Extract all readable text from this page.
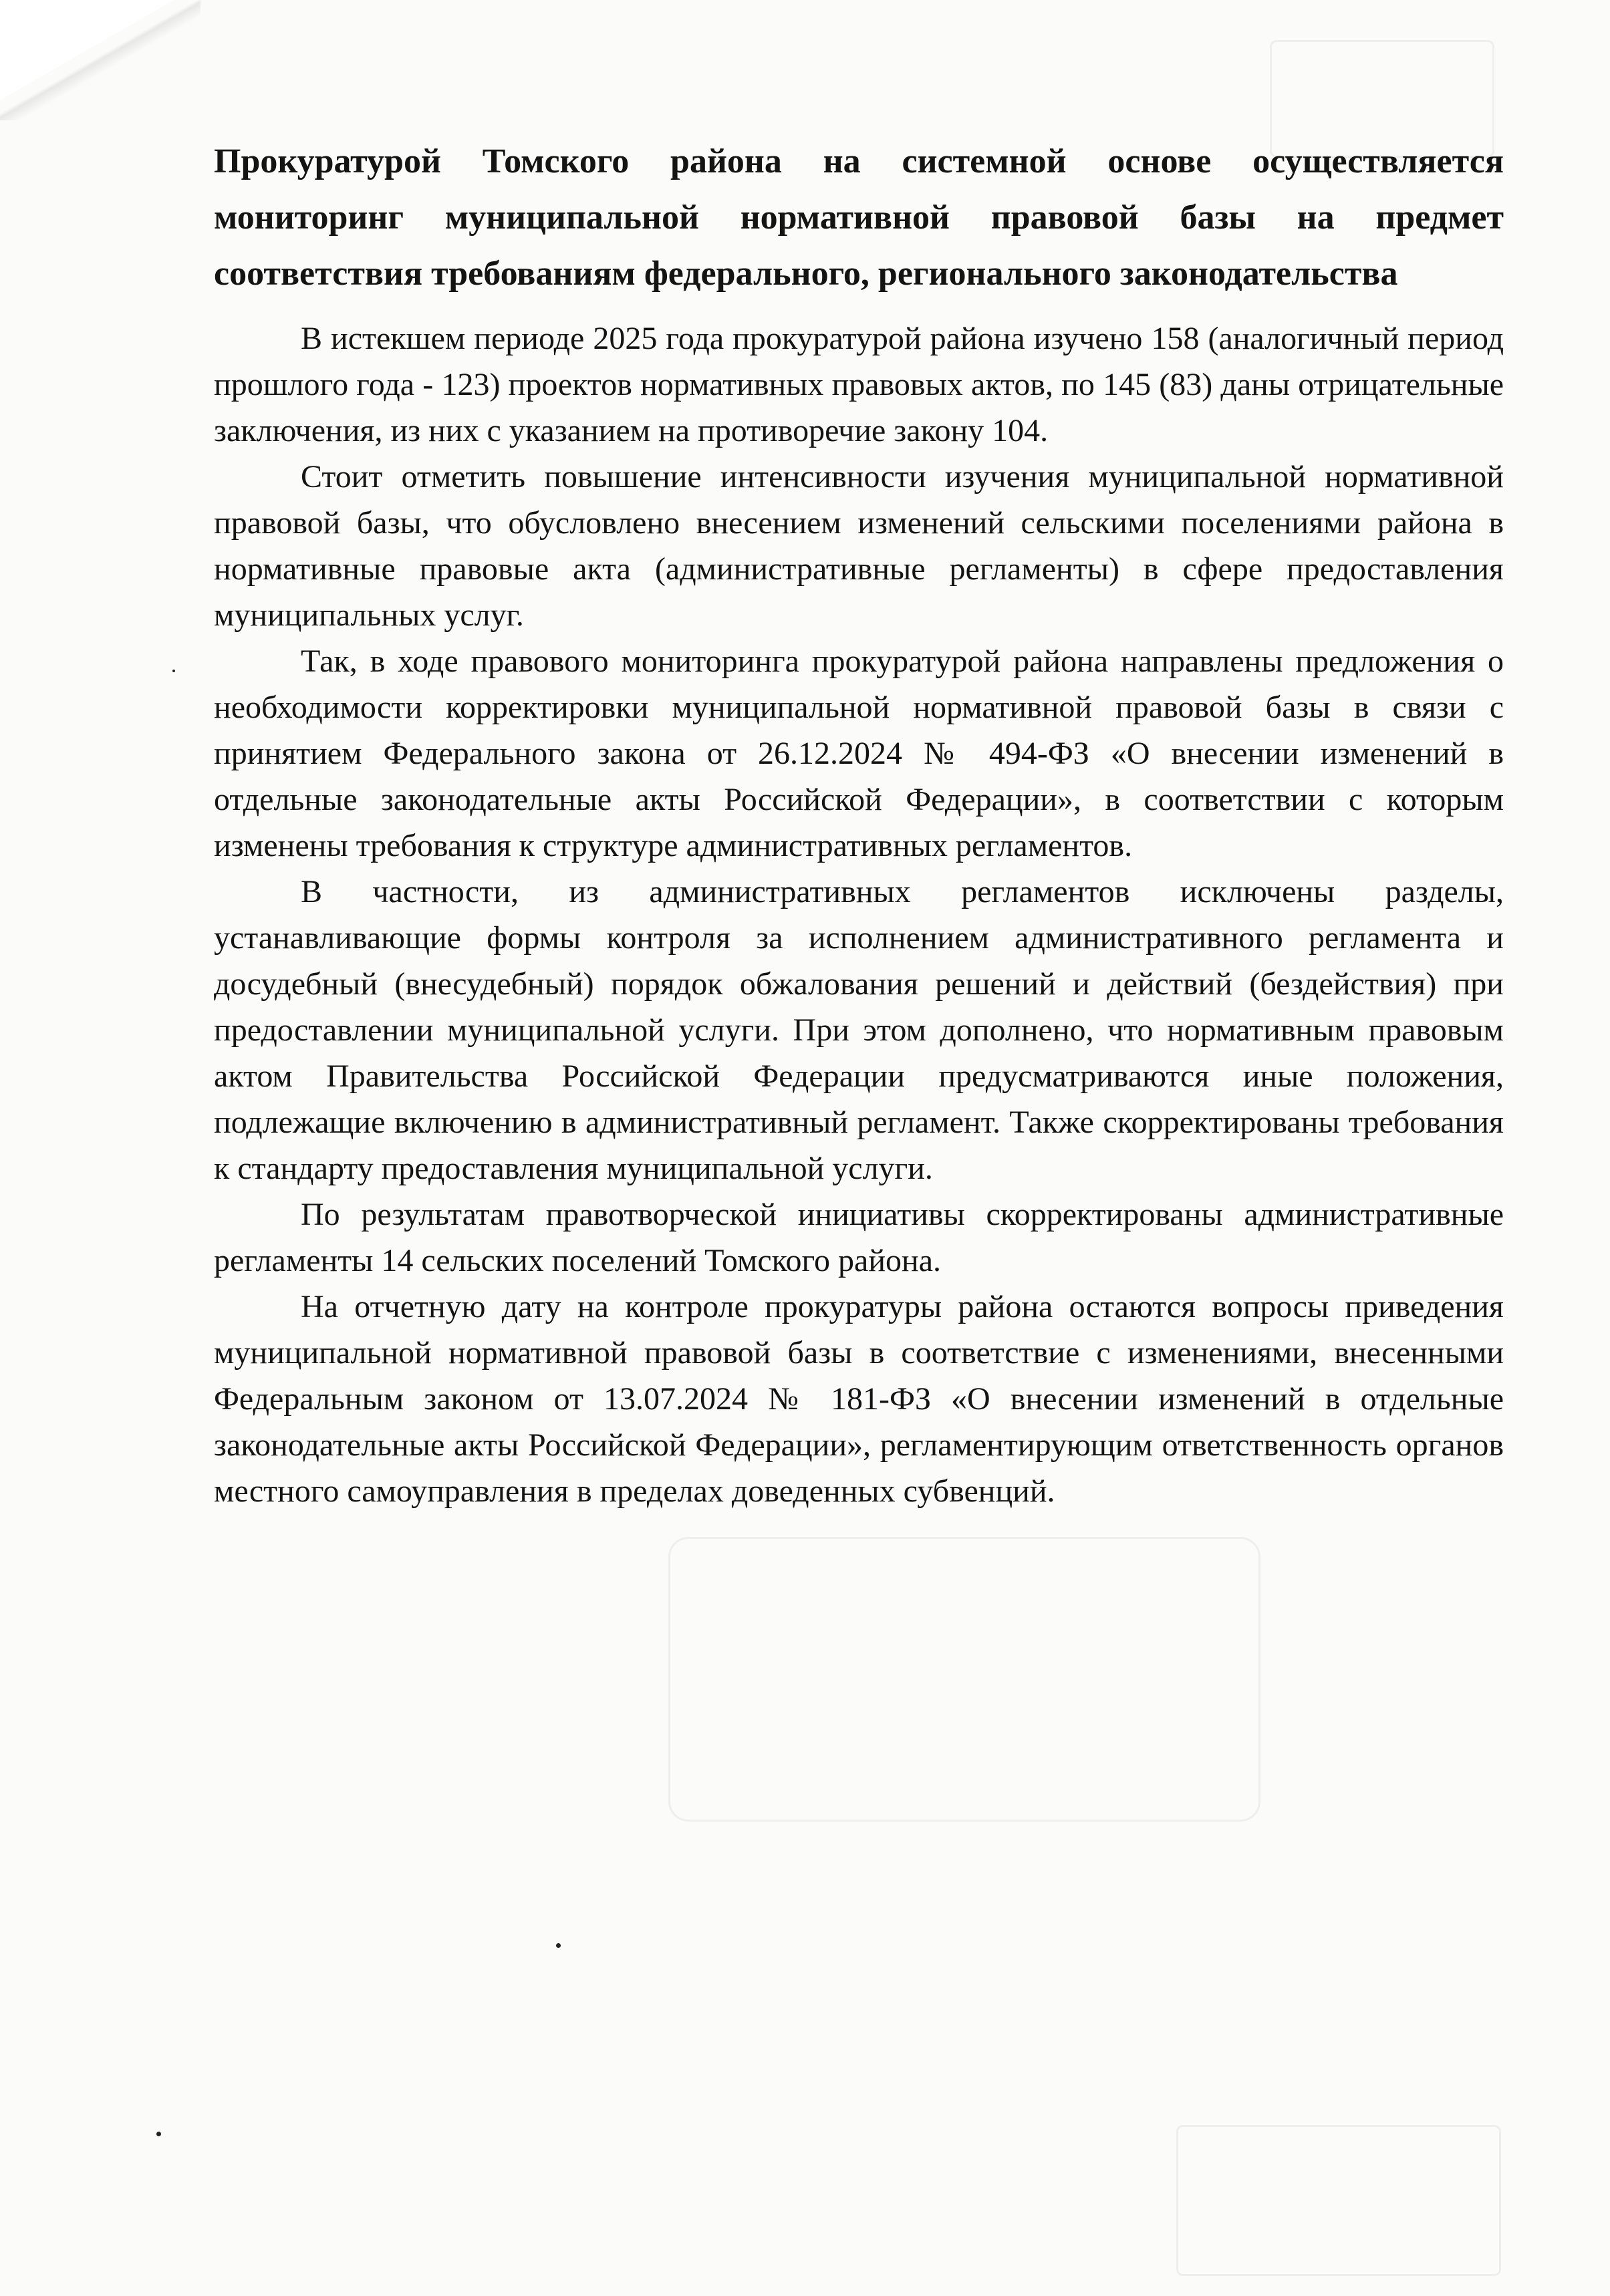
Прокуратурой Томского района на системной основе осуществляется мониторинг муниципальной нормативной правовой базы на предмет соответствия требованиям федерального, регионального законодательства

В истекшем периоде 2025 года прокуратурой района изучено 158 (аналогичный период прошлого года - 123) проектов нормативных правовых актов, по 145 (83) даны отрицательные заключения, из них с указанием на противоречие закону 104.

Стоит отметить повышение интенсивности изучения муниципальной нормативной правовой базы, что обусловлено внесением изменений сельскими поселениями района в нормативные правовые акта (административные регламенты) в сфере предоставления муниципальных услуг.

Так, в ходе правового мониторинга прокуратурой района направлены предложения о необходимости корректировки муниципальной нормативной правовой базы в связи с принятием Федерального закона от 26.12.2024 № 494-ФЗ «О внесении изменений в отдельные законодательные акты Российской Федерации», в соответствии с которым изменены требования к структуре административных регламентов.

В частности, из административных регламентов исключены разделы, устанавливающие формы контроля за исполнением административного регламента и досудебный (внесудебный) порядок обжалования решений и действий (бездействия) при предоставлении муниципальной услуги. При этом дополнено, что нормативным правовым актом Правительства Российской Федерации предусматриваются иные положения, подлежащие включению в административный регламент. Также скорректированы требования к стандарту предоставления муниципальной услуги.

По результатам правотворческой инициативы скорректированы административные регламенты 14 сельских поселений Томского района.

На отчетную дату на контроле прокуратуры района остаются вопросы приведения муниципальной нормативной правовой базы в соответствие с изменениями, внесенными Федеральным законом от 13.07.2024 № 181-ФЗ «О внесении изменений в отдельные законодательные акты Российской Федерации», регламентирующим ответственность органов местного самоуправления в пределах доведенных субвенций.
